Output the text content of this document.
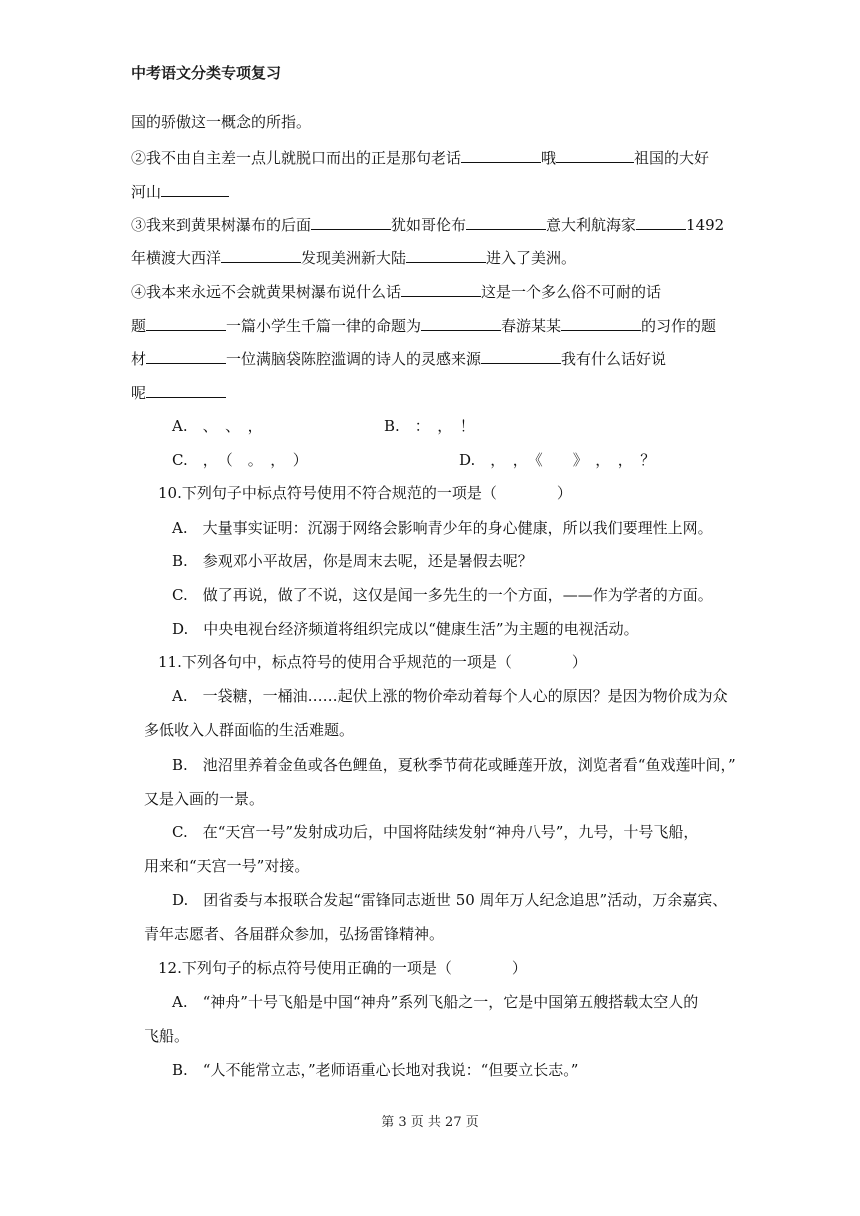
中考语文分类专项复习
国的骄傲这一概念的所指。
②我不由自主差一点儿就脱口而出的正是那句老话	哦	祖国的大好
河山
③我来到黄果树瀑布的后面	犹如哥伦布	意大利航海家	1492
年横渡大西洋	发现美洲新大陆	进入了美洲。
④我本来永远不会就黄果树瀑布说什么话	这是一个多么俗不可耐的话
题	一篇小学生千篇一律的命题为	春游某某	的习作的题
材	一位满脑袋陈腔滥调的诗人的灵感来源	我有什么话好说
呢
A.　、　、　，	B.　：　，　！
C.　，　（　。　，　）	D.　，　，　《　　》　，　，　？
10.下列句子中标点符号使用不符合规范的一项是（　　　　）
A.　大量事实证明：沉溺于网络会影响青少年的身心健康，所以我们要理性上网。
B.　参观邓小平故居，你是周末去呢，还是暑假去呢？
C.　做了再说，做了不说，这仅是闻一多先生的一个方面，——作为学者的方面。
D.　中央电视台经济频道将组织完成以“健康生活”为主题的电视活动。
11.下列各句中，标点符号的使用合乎规范的一项是（　　　　）
A.　一袋糖，一桶油……起伏上涨的物价牵动着每个人心的原因？是因为物价成为众
多低收入人群面临的生活难题。
B.　池沼里养着金鱼或各色鲤鱼，夏秋季节荷花或睡莲开放，浏览者看“鱼戏莲叶间，”
又是入画的一景。
C.　在“天宫一号”发射成功后，中国将陆续发射“神舟八号”，九号，十号飞船，
用来和“天宫一号”对接。
D.　团省委与本报联合发起“雷锋同志逝世 50 周年万人纪念追思”活动，万余嘉宾、
青年志愿者、各届群众参加，弘扬雷锋精神。
12.下列句子的标点符号使用正确的一项是（　　　　）
A.　“神舟”十号飞船是中国“神舟”系列飞船之一，它是中国第五艘搭载太空人的
飞船。
B.　“人不能常立志，”老师语重心长地对我说：“但要立长志。”
第 3 页 共 27 页
